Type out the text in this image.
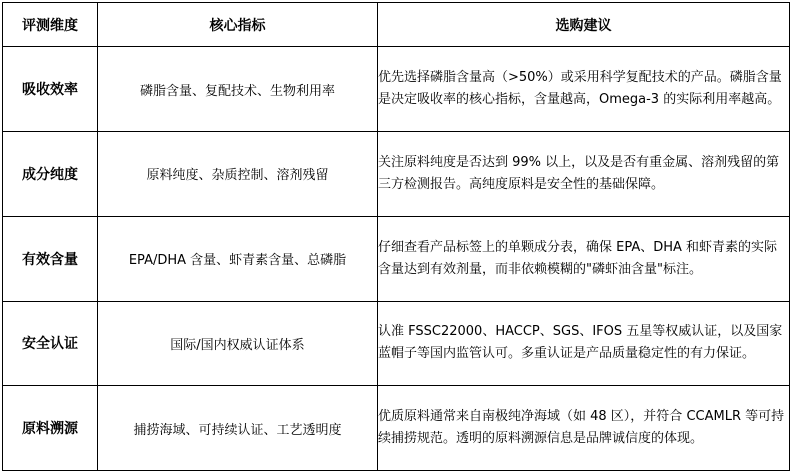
评测维度	核心指标	选购建议
吸收效率	磷脂含量、复配技术、生物利用率	优先选择磷脂含量高（>50%）或采用科学复配技术的产品。磷脂含量是决定吸收率的核心指标，含量越高，Omega-3 的实际利用率越高。
成分纯度	原料纯度、杂质控制、溶剂残留	关注原料纯度是否达到 99% 以上，以及是否有重金属、溶剂残留的第三方检测报告。高纯度原料是安全性的基础保障。
有效含量	EPA/DHA 含量、虾青素含量、总磷脂	仔细查看产品标签上的单颗成分表，确保 EPA、DHA 和虾青素的实际含量达到有效剂量，而非依赖模糊的"磷虾油含量"标注。
安全认证	国际/国内权威认证体系	认准 FSSC22000、HACCP、SGS、IFOS 五星等权威认证，以及国家蓝帽子等国内监管认可。多重认证是产品质量稳定性的有力保证。
原料溯源	捕捞海域、可持续认证、工艺透明度	优质原料通常来自南极纯净海域（如 48 区），并符合 CCAMLR 等可持续捕捞规范。透明的原料溯源信息是品牌诚信度的体现。
